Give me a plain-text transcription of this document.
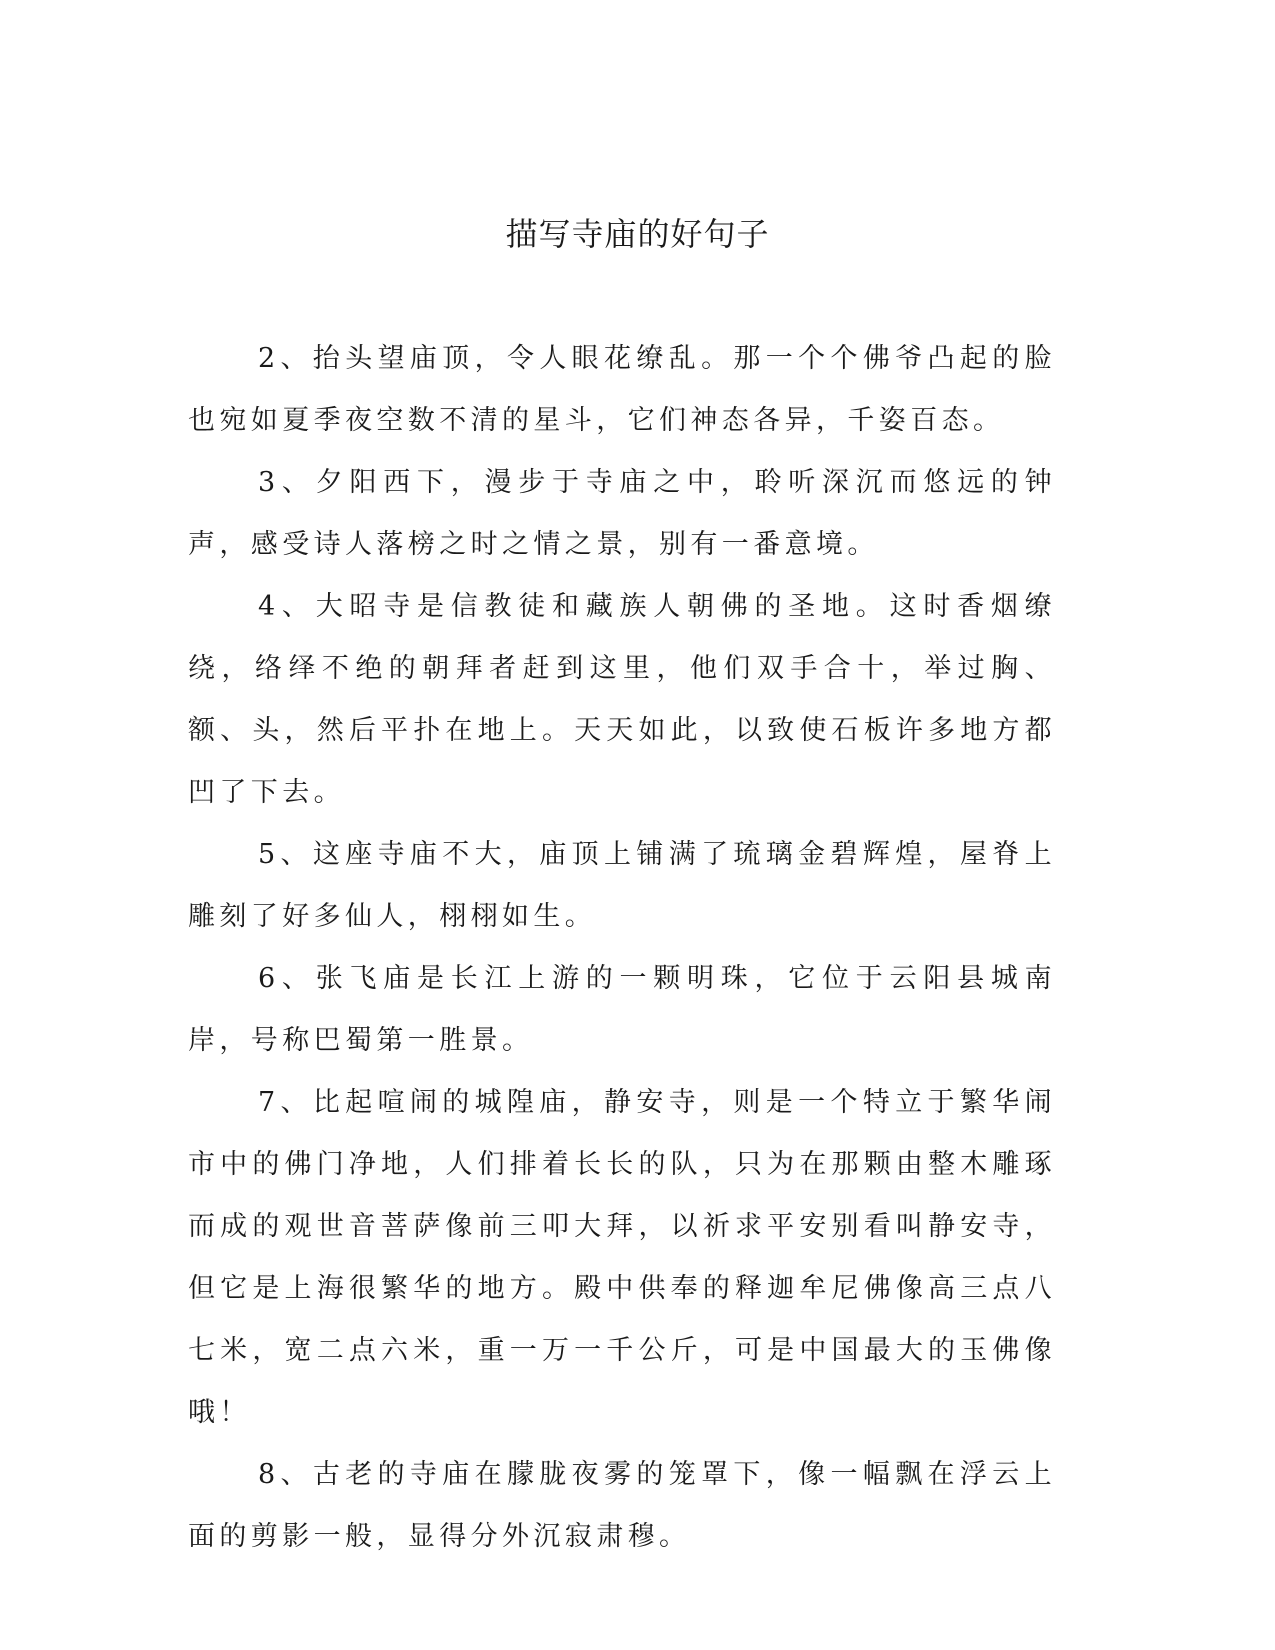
描写寺庙的好句子

2、抬头望庙顶，令人眼花缭乱。那一个个佛爷凸起的脸也宛如夏季夜空数不清的星斗，它们神态各异，千姿百态。

3、夕阳西下，漫步于寺庙之中，聆听深沉而悠远的钟声，感受诗人落榜之时之情之景，别有一番意境。

4、大昭寺是信教徒和藏族人朝佛的圣地。这时香烟缭绕，络绎不绝的朝拜者赶到这里，他们双手合十，举过胸、额、头，然后平扑在地上。天天如此，以致使石板许多地方都凹了下去。

5、这座寺庙不大，庙顶上铺满了琉璃金碧辉煌，屋脊上雕刻了好多仙人，栩栩如生。

6、张飞庙是长江上游的一颗明珠，它位于云阳县城南岸，号称巴蜀第一胜景。

7、比起喧闹的城隍庙，静安寺，则是一个特立于繁华闹市中的佛门净地，人们排着长长的队，只为在那颗由整木雕琢而成的观世音菩萨像前三叩大拜，以祈求平安别看叫静安寺，但它是上海很繁华的地方。殿中供奉的释迦牟尼佛像高三点八七米，宽二点六米，重一万一千公斤，可是中国最大的玉佛像哦！

8、古老的寺庙在朦胧夜雾的笼罩下，像一幅飘在浮云上面的剪影一般，显得分外沉寂肃穆。
